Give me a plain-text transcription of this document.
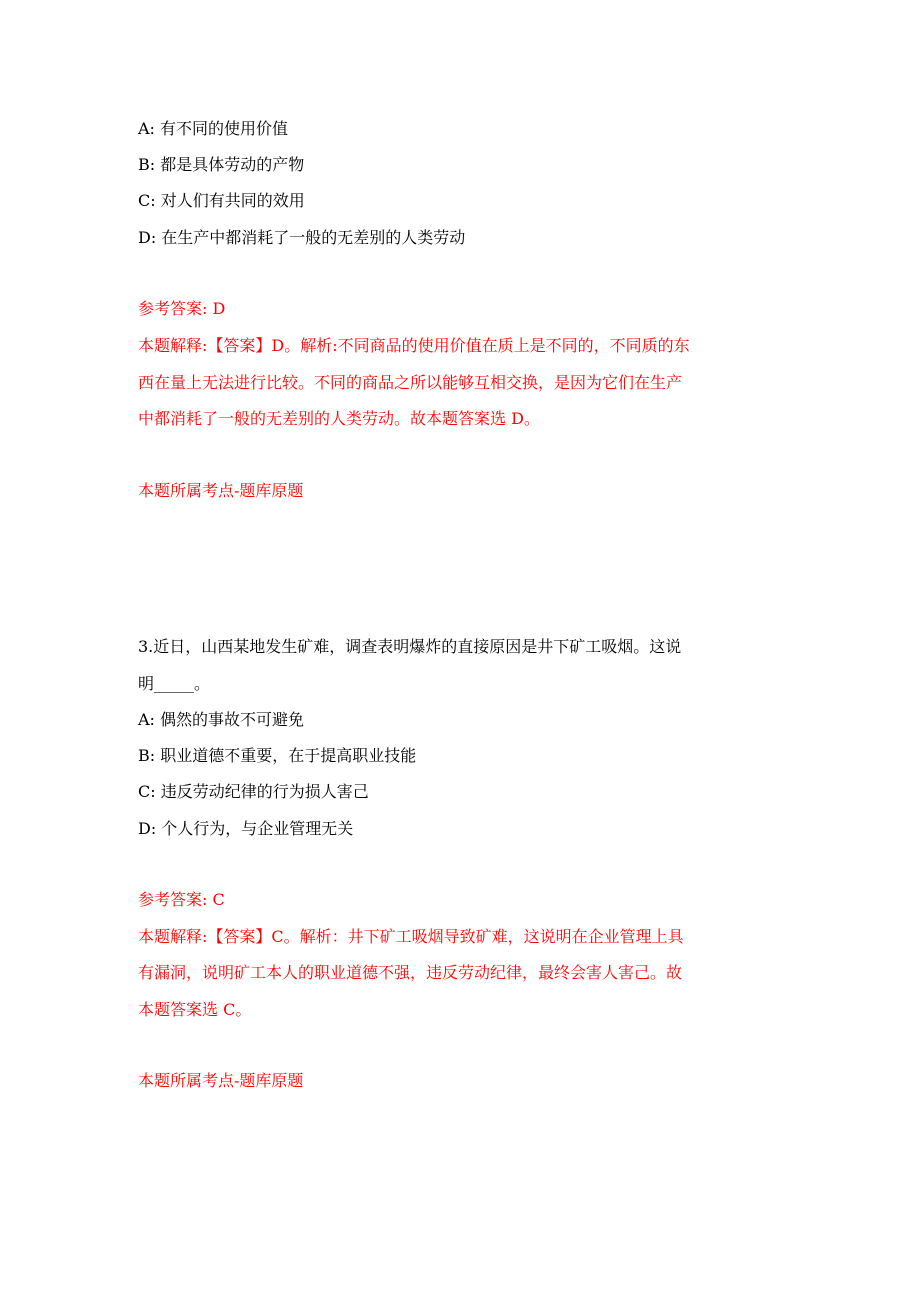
A: 有不同的使用价值
B: 都是具体劳动的产物
C: 对人们有共同的效用
D: 在生产中都消耗了一般的无差别的人类劳动
参考答案: D
本题解释:【答案】D。解析:不同商品的使用价值在质上是不同的，不同质的东
西在量上无法进行比较。不同的商品之所以能够互相交换，是因为它们在生产
中都消耗了一般的无差别的人类劳动。故本题答案选 D。
本题所属考点-题库原题
3.近日，山西某地发生矿难，调查表明爆炸的直接原因是井下矿工吸烟。这说
明_____。
A: 偶然的事故不可避免
B: 职业道德不重要，在于提高职业技能
C: 违反劳动纪律的行为损人害己
D: 个人行为，与企业管理无关
参考答案: C
本题解释:【答案】C。解析：井下矿工吸烟导致矿难，这说明在企业管理上具
有漏洞，说明矿工本人的职业道德不强，违反劳动纪律，最终会害人害己。故
本题答案选 C。
本题所属考点-题库原题
